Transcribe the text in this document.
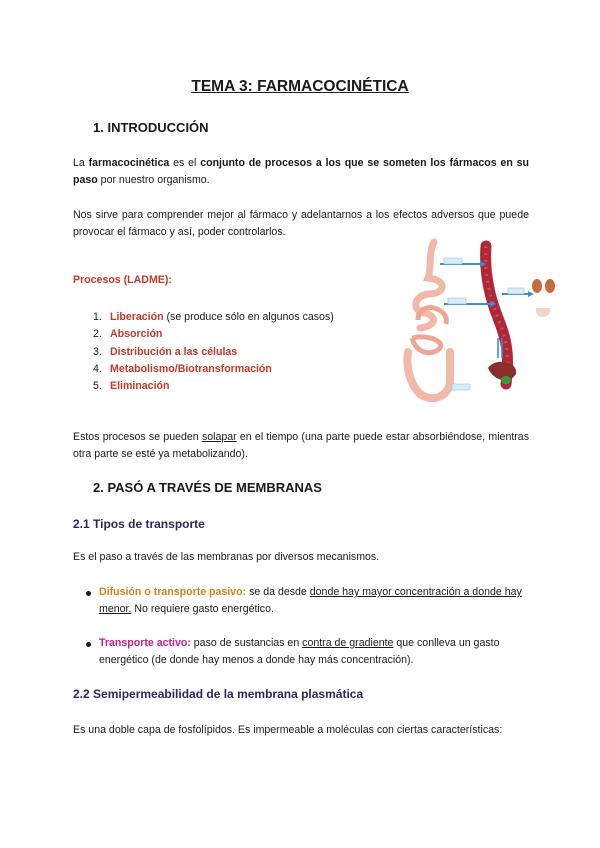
TEMA 3: FARMACOCINÉTICA
1. INTRODUCCIÓN
La farmacocinética es el conjunto de procesos a los que se someten los fármacos en su paso por nuestro organismo.
Nos sirve para comprender mejor al fármaco y adelantarnos a los efectos adversos que puede provocar el fármaco y así, poder controlarlos.
Procesos (LADME):
1. Liberación (se produce sólo en algunos casos)
2. Absorción
3. Distribución a las células
4. Metabolismo/Biotransformación
5. Eliminación
Estos procesos se pueden solapar en el tiempo (una parte puede estar absorbiéndose, mientras otra parte se esté ya metabolizando).
2. PASÓ A TRAVÉS DE MEMBRANAS
2.1 Tipos de transporte
Es el paso a través de las membranas por diversos mecanismos.
Difusión o transporte pasivo: se da desde donde hay mayor concentración a donde hay menor. No requiere gasto energético.
Transporte activo: paso de sustancias en contra de gradiente que conlleva un gasto energético (de donde hay menos a donde hay más concentración).
2.2 Semipermeabilidad de la membrana plasmática
Es una doble capa de fosfolípidos. Es impermeable a moléculas con ciertas características:
